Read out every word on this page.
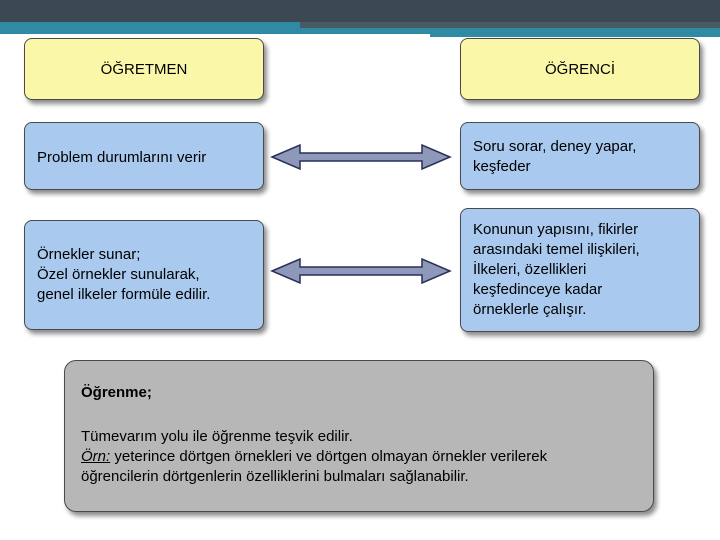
ÖĞRETMEN	ÖĞRENCİ
Problem durumlarını verir
Soru sorar, deney yapar, keşfeder
Örnekler sunar;
Özel örnekler sunularak,
genel ilkeler formüle edilir.
Konunun yapısını, fikirler
arasındaki temel ilişkileri,
İlkeleri, özellikleri
keşfedinceye kadar
örneklerle çalışır.
Öğrenme;
Tümevarım yolu ile öğrenme teşvik edilir.
Örn: yeterince dörtgen örnekleri ve dörtgen olmayan örnekler verilerek
öğrencilerin dörtgenlerin özelliklerini bulmaları sağlanabilir.
